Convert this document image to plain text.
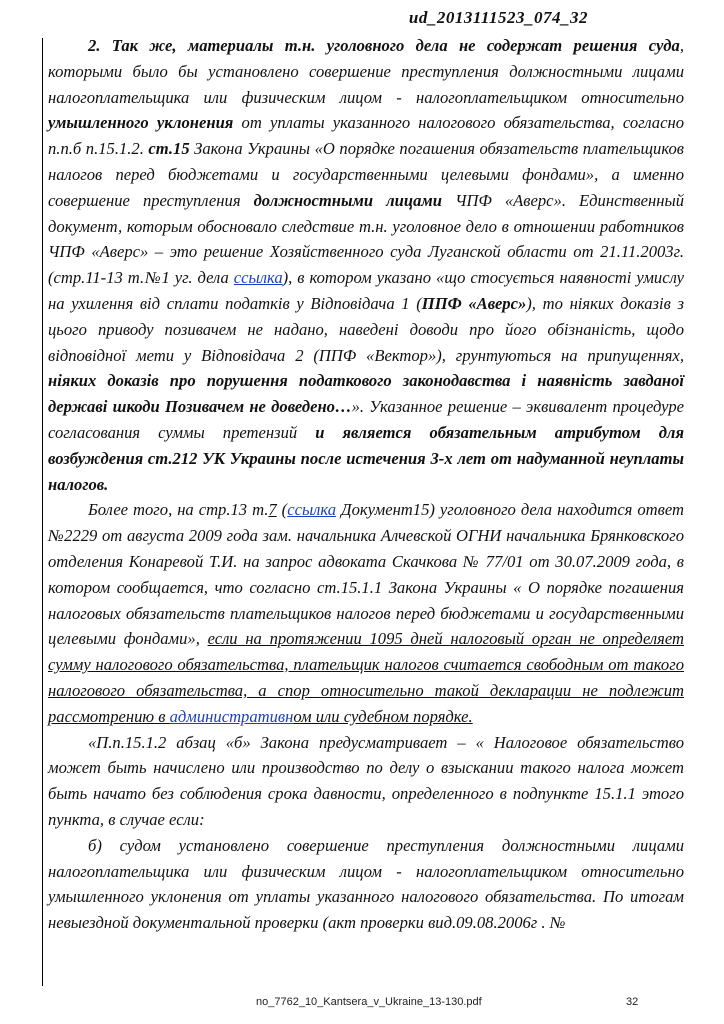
ud_2013111523_074_32

2. Так же, материалы т.н. уголовного дела не содержат решения суда, которыми было бы установлено совершение преступления должностными лицами налогоплательщика или физическим лицом - налогоплательщиком относительно умышленного уклонения от уплаты указанного налогового обязательства, согласно п.п.б п.15.1.2. ст.15 Закона Украины «О порядке погашения обязательств плательщиков налогов перед бюджетами и государственными целевыми фондами», а именно совершение преступления должностными лицами ЧПФ «Аверс». Единственный документ, которым обосновало следствие т.н. уголовное дело в отношении работников ЧПФ «Аверс» – это решение Хозяйственного суда Луганской области от 21.11.2003г. (стр.11-13 т.№1 уг. дела ссылка), в котором указано «що стосується наявності умислу на ухилення від сплати податків у Відповідача 1 (ППФ «Аверс»), то ніяких доказів з цього приводу позивачем не надано, наведені доводи про його обізнаність, щодо відповідної мети у Відповідача 2 (ППФ «Вектор»), грунтуються на припущеннях, ніяких доказів про порушення податкового законодавства і наявність завданої державі шкоди Позивачем не доведено…». Указанное решение – эквивалент процедуре согласования суммы претензий и является обязательным атрибутом для возбуждения ст.212 УК Украины после истечения 3-х лет от надуманной неуплаты налогов.

Более того, на стр.13 т.7 (ссылка Документ15) уголовного дела находится ответ №2229 от августа 2009 года зам. начальника Алчевской ОГНИ начальника Брянковского отделения Конаревой Т.И. на запрос адвоката Скачкова № 77/01 от 30.07.2009 года, в котором сообщается, что согласно ст.15.1.1 Закона Украины « О порядке погашения налоговых обязательств плательщиков налогов перед бюджетами и государственными целевыми фондами», если на протяжении 1095 дней налоговый орган не определяет сумму налогового обязательства, плательщик налогов считается свободным от такого налогового обязательства, а спор относительно такой декларации не подлежит рассмотрению в административном или судебном порядке.

«П.п.15.1.2 абзац «б» Закона предусматривает – « Налоговое обязательство может быть начислено или производство по делу о взыскании такого налога может быть начато без соблюдения срока давности, определенного в подпункте 15.1.1 этого пункта, в случае если:

б) судом установлено совершение преступления должностными лицами налогоплательщика или физическим лицом - налогоплательщиком относительно умышленного уклонения от уплаты указанного налогового обязательства. По итогам невыездной документальной проверки (акт проверки вид.09.08.2006г . №

no_7762_10_Kantsera_v_Ukraine_13-130.pdf	32
